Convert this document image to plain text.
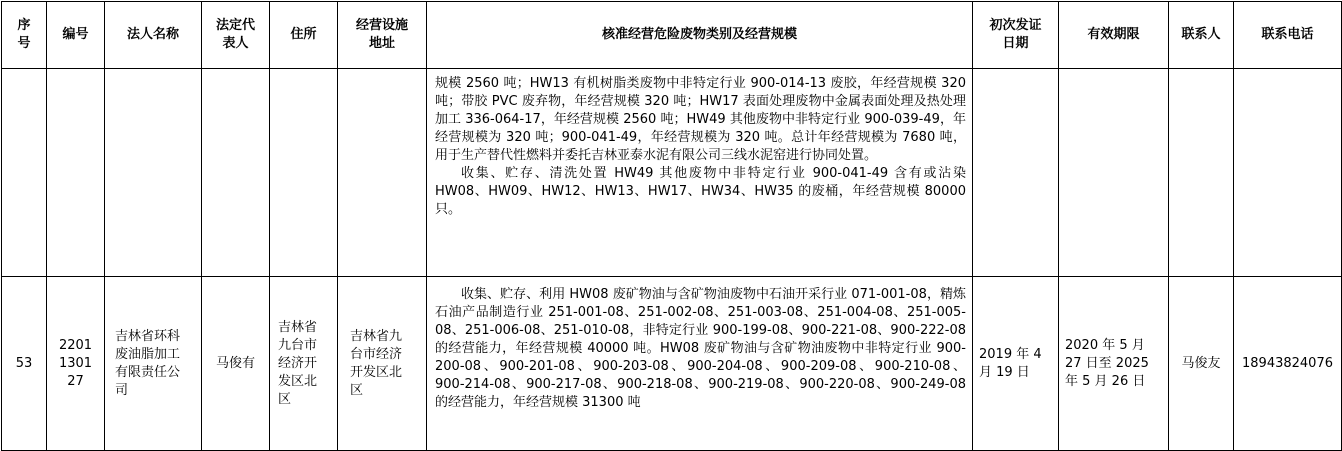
序号	编号	法人名称	法定代表人	住所	经营设施地址	核准经营危险废物类别及经营规模	初次发证日期	有效期限	联系人	联系电话

						规模 2560 吨；HW13 有机树脂类废物中非特定行业 900-014-13 废胶，年经营规模 320 吨；带胶 PVC 废弃物，年经营规模 320 吨；HW17 表面处理废物中金属表面处理及热处理加工 336-064-17，年经营规模 2560 吨；HW49 其他废物中非特定行业 900-039-49，年经营规模为 320 吨；900-041-49，年经营规模为 320 吨。总计年经营规模为 7680 吨，用于生产替代性燃料并委托吉林亚泰水泥有限公司三线水泥窑进行协同处置。

收集、贮存、清洗处置 HW49 其他废物中非特定行业 900-041-49 含有或沾染 HW08、HW09、HW12、HW13、HW17、HW34、HW35 的废桶，年经营规模 80000 只。				

53	2201130127	吉林省环科废油脂加工有限责任公司	马俊有	吉林省九台市经济开发区北区	吉林省九台市经济开发区北区	收集、贮存、利用 HW08 废矿物油与含矿物油废物中石油开采行业 071-001-08，精炼石油产品制造行业 251-001-08、251-002-08、251-003-08、251-004-08、251-005-08、251-006-08、251-010-08，非特定行业 900-199-08、900-221-08、900-222-08 的经营能力，年经营规模 40000 吨。HW08 废矿物油与含矿物油废物中非特定行业 900-200-08、900-201-08、900-203-08、900-204-08、900-209-08、900-210-08、900-214-08、900-217-08、900-218-08、900-219-08、900-220-08、900-249-08 的经营能力，年经营规模 31300 吨	2019 年 4 月 19 日	2020 年 5 月 27 日至 2025 年 5 月 26 日	马俊友	18943824076
